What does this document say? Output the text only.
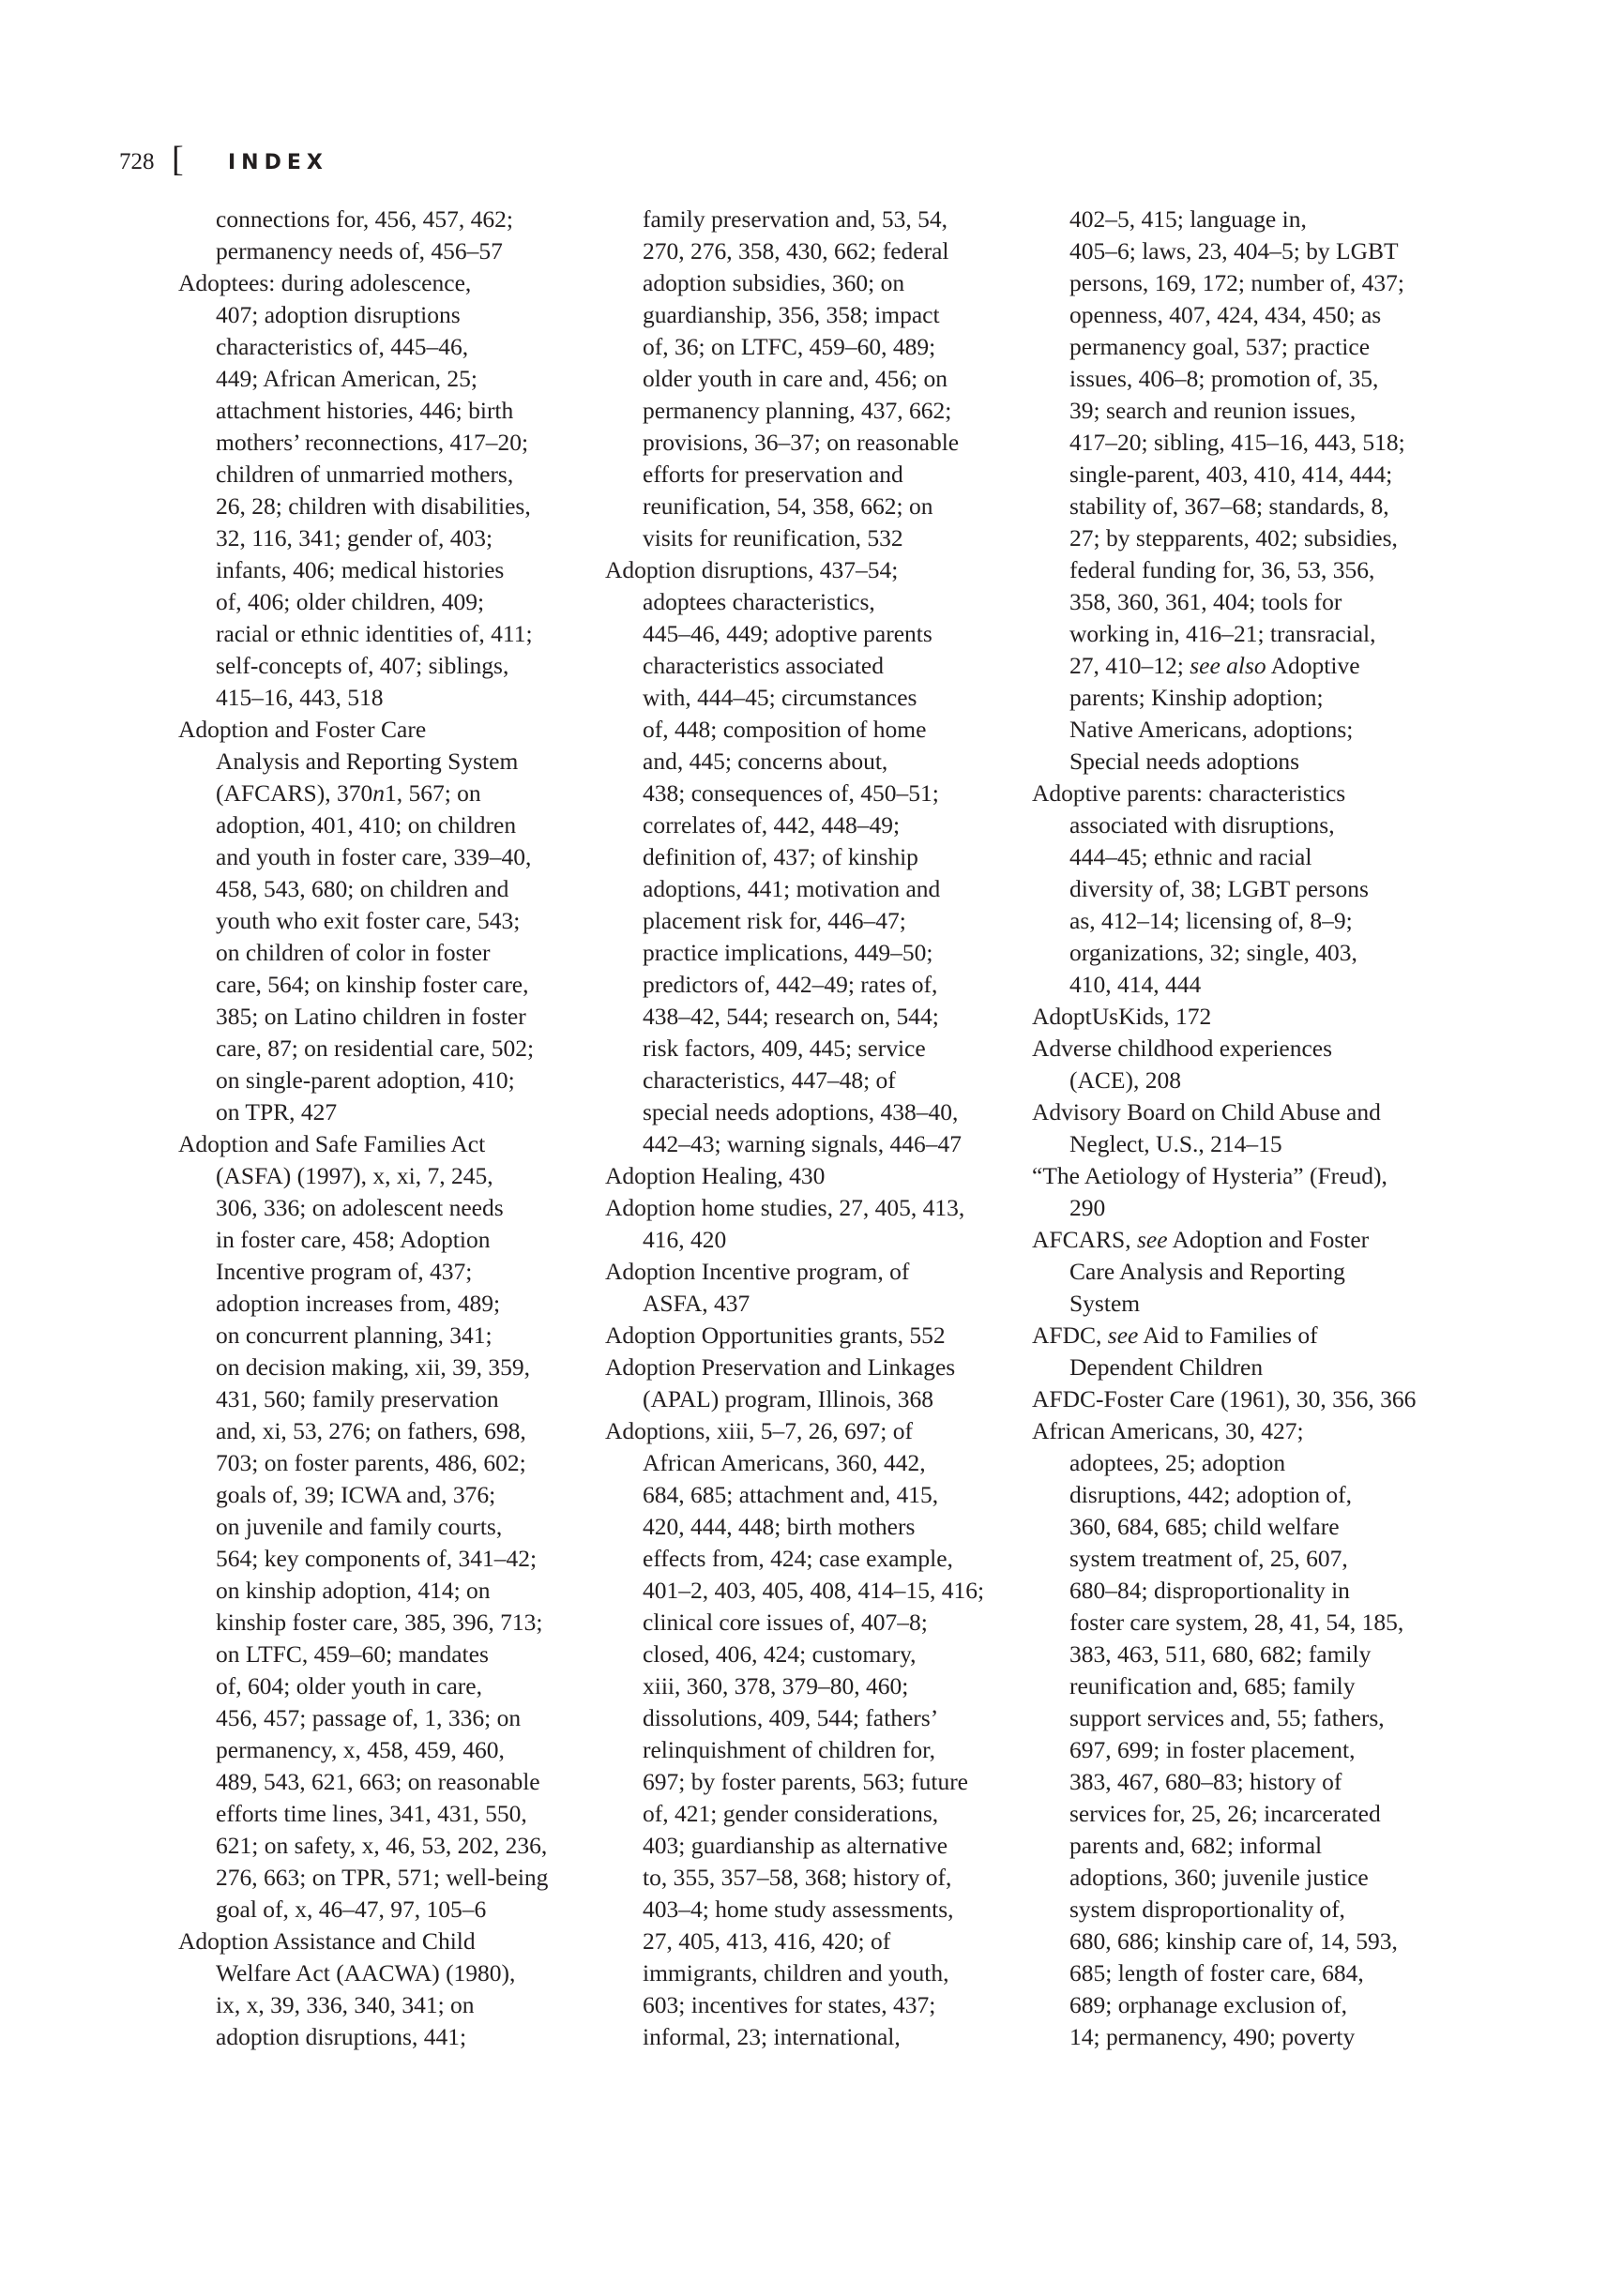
728 [ INDEX
connections for, 456, 457, 462;
permanency needs of, 456–57
Adoptees: during adolescence,
407; adoption disruptions
characteristics of, 445–46,
449; African American, 25;
attachment histories, 446; birth
mothers’ reconnections, 417–20;
children of unmarried mothers,
26, 28; children with disabilities,
32, 116, 341; gender of, 403;
infants, 406; medical histories
of, 406; older children, 409;
racial or ethnic identities of, 411;
self-concepts of, 407; siblings,
415–16, 443, 518
Adoption and Foster Care
Analysis and Reporting System
(AFCARS), 370n1, 567; on
adoption, 401, 410; on children
and youth in foster care, 339–40,
458, 543, 680; on children and
youth who exit foster care, 543;
on children of color in foster
care, 564; on kinship foster care,
385; on Latino children in foster
care, 87; on residential care, 502;
on single-parent adoption, 410;
on TPR, 427
Adoption and Safe Families Act
(ASFA) (1997), x, xi, 7, 245,
306, 336; on adolescent needs
in foster care, 458; Adoption
Incentive program of, 437;
adoption increases from, 489;
on concurrent planning, 341;
on decision making, xii, 39, 359,
431, 560; family preservation
and, xi, 53, 276; on fathers, 698,
703; on foster parents, 486, 602;
goals of, 39; ICWA and, 376;
on juvenile and family courts,
564; key components of, 341–42;
on kinship adoption, 414; on
kinship foster care, 385, 396, 713;
on LTFC, 459–60; mandates
of, 604; older youth in care,
456, 457; passage of, 1, 336; on
permanency, x, 458, 459, 460,
489, 543, 621, 663; on reasonable
efforts time lines, 341, 431, 550,
621; on safety, x, 46, 53, 202, 236,
276, 663; on TPR, 571; well-being
goal of, x, 46–47, 97, 105–6
Adoption Assistance and Child
Welfare Act (AACWA) (1980),
ix, x, 39, 336, 340, 341; on
adoption disruptions, 441;
family preservation and, 53, 54,
270, 276, 358, 430, 662; federal
adoption subsidies, 360; on
guardianship, 356, 358; impact
of, 36; on LTFC, 459–60, 489;
older youth in care and, 456; on
permanency planning, 437, 662;
provisions, 36–37; on reasonable
efforts for preservation and
reunification, 54, 358, 662; on
visits for reunification, 532
Adoption disruptions, 437–54;
adoptees characteristics,
445–46, 449; adoptive parents
characteristics associated
with, 444–45; circumstances
of, 448; composition of home
and, 445; concerns about,
438; consequences of, 450–51;
correlates of, 442, 448–49;
definition of, 437; of kinship
adoptions, 441; motivation and
placement risk for, 446–47;
practice implications, 449–50;
predictors of, 442–49; rates of,
438–42, 544; research on, 544;
risk factors, 409, 445; service
characteristics, 447–48; of
special needs adoptions, 438–40,
442–43; warning signals, 446–47
Adoption Healing, 430
Adoption home studies, 27, 405, 413,
416, 420
Adoption Incentive program, of
ASFA, 437
Adoption Opportunities grants, 552
Adoption Preservation and Linkages
(APAL) program, Illinois, 368
Adoptions, xiii, 5–7, 26, 697; of
African Americans, 360, 442,
684, 685; attachment and, 415,
420, 444, 448; birth mothers
effects from, 424; case example,
401–2, 403, 405, 408, 414–15, 416;
clinical core issues of, 407–8;
closed, 406, 424; customary,
xiii, 360, 378, 379–80, 460;
dissolutions, 409, 544; fathers’
relinquishment of children for,
697; by foster parents, 563; future
of, 421; gender considerations,
403; guardianship as alternative
to, 355, 357–58, 368; history of,
403–4; home study assessments,
27, 405, 413, 416, 420; of
immigrants, children and youth,
603; incentives for states, 437;
informal, 23; international,
402–5, 415; language in,
405–6; laws, 23, 404–5; by LGBT
persons, 169, 172; number of, 437;
openness, 407, 424, 434, 450; as
permanency goal, 537; practice
issues, 406–8; promotion of, 35,
39; search and reunion issues,
417–20; sibling, 415–16, 443, 518;
single-parent, 403, 410, 414, 444;
stability of, 367–68; standards, 8,
27; by stepparents, 402; subsidies,
federal funding for, 36, 53, 356,
358, 360, 361, 404; tools for
working in, 416–21; transracial,
27, 410–12; see also Adoptive
parents; Kinship adoption;
Native Americans, adoptions;
Special needs adoptions
Adoptive parents: characteristics
associated with disruptions,
444–45; ethnic and racial
diversity of, 38; LGBT persons
as, 412–14; licensing of, 8–9;
organizations, 32; single, 403,
410, 414, 444
AdoptUsKids, 172
Adverse childhood experiences
(ACE), 208
Advisory Board on Child Abuse and
Neglect, U.S., 214–15
“The Aetiology of Hysteria” (Freud),
290
AFCARS, see Adoption and Foster
Care Analysis and Reporting
System
AFDC, see Aid to Families of
Dependent Children
AFDC-Foster Care (1961), 30, 356, 366
African Americans, 30, 427;
adoptees, 25; adoption
disruptions, 442; adoption of,
360, 684, 685; child welfare
system treatment of, 25, 607,
680–84; disproportionality in
foster care system, 28, 41, 54, 185,
383, 463, 511, 680, 682; family
reunification and, 685; family
support services and, 55; fathers,
697, 699; in foster placement,
383, 467, 680–83; history of
services for, 25, 26; incarcerated
parents and, 682; informal
adoptions, 360; juvenile justice
system disproportionality of,
680, 686; kinship care of, 14, 593,
685; length of foster care, 684,
689; orphanage exclusion of,
14; permanency, 490; poverty
